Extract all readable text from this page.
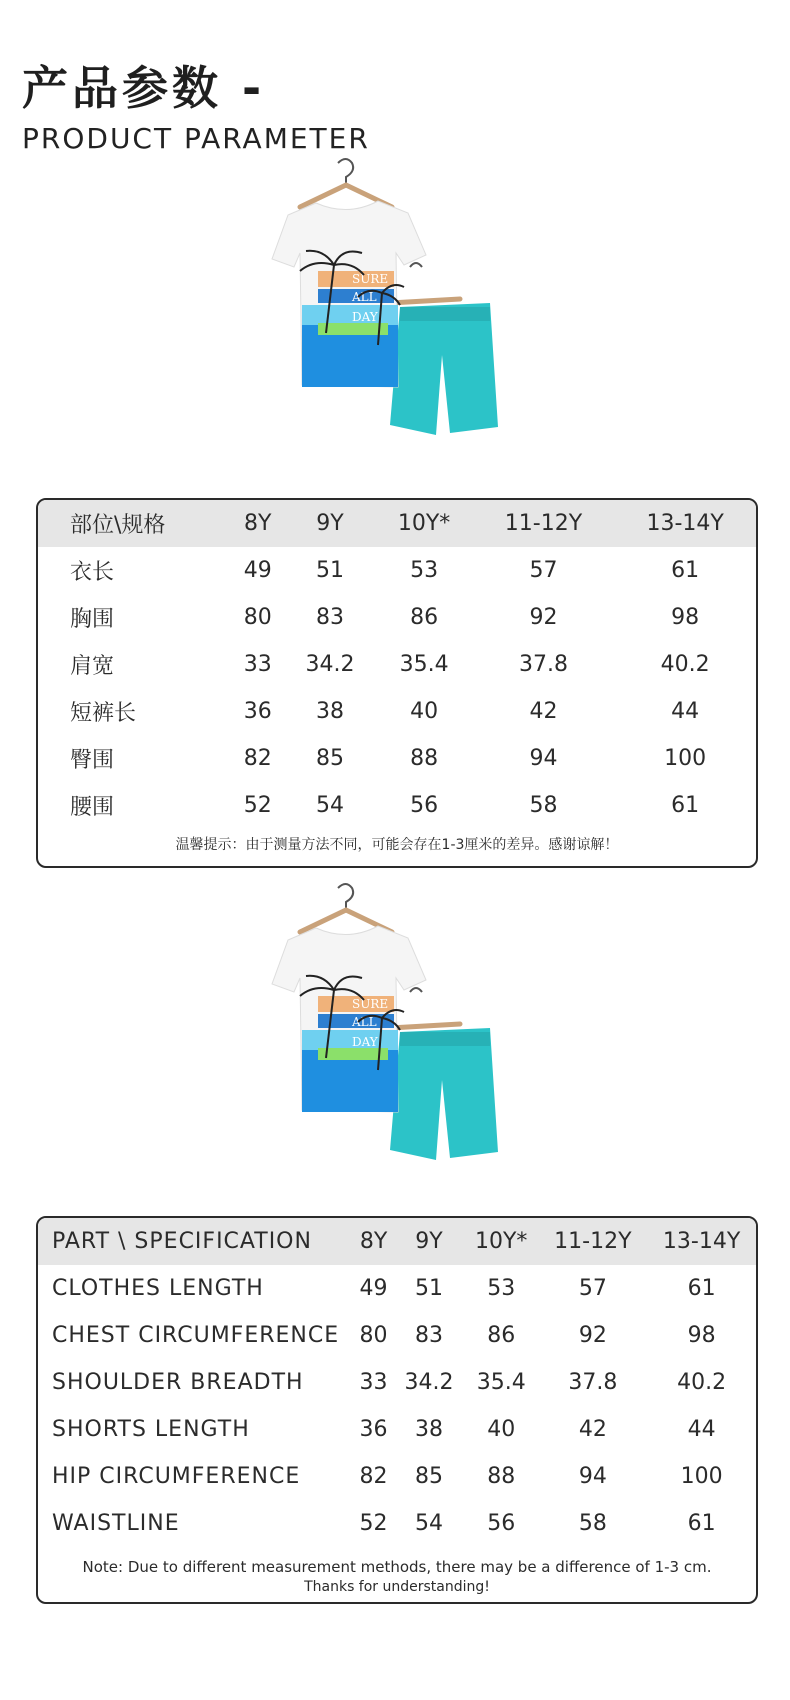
产品参数 -
PRODUCT PARAMETER
SURE
ALL
DAY
部位\规格	8Y	9Y	10Y*	11-12Y	13-14Y
衣长	49	51	53	57	61
胸围	80	83	86	92	98
肩宽	33	34.2	35.4	37.8	40.2
短裤长	36	38	40	42	44
臀围	82	85	88	94	100
腰围	52	54	56	58	61
温馨提示：由于测量方法不同，可能会存在1-3厘米的差异。感谢谅解！
SURE
ALL
DAY
PART \ SPECIFICATION	8Y	9Y	10Y*	11-12Y	13-14Y
CLOTHES LENGTH	49	51	53	57	61
CHEST CIRCUMFERENCE	80	83	86	92	98
SHOULDER BREADTH	33	34.2	35.4	37.8	40.2
SHORTS LENGTH	36	38	40	42	44
HIP CIRCUMFERENCE	82	85	88	94	100
WAISTLINE	52	54	56	58	61
Note: Due to different measurement methods, there may be a difference of 1-3 cm.
Thanks for understanding!
